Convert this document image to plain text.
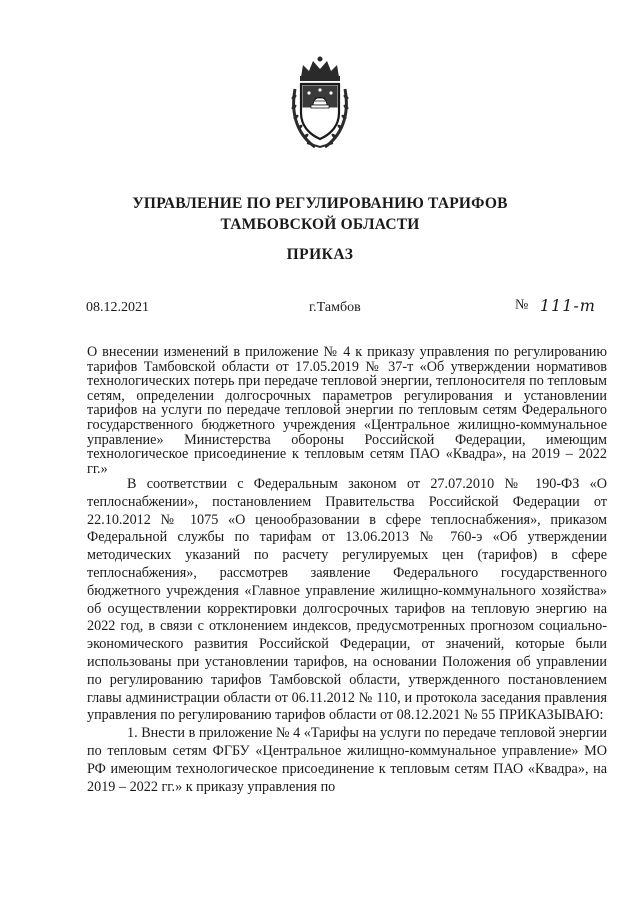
УПРАВЛЕНИЕ ПО РЕГУЛИРОВАНИЮ ТАРИФОВ
ТАМБОВСКОЙ ОБЛАСТИ
ПРИКАЗ
08.12.2021	г.Тамбов	№ 111-т
О внесении изменений в приложение № 4 к приказу управления по регулированию тарифов Тамбовской области от 17.05.2019 № 37-т «Об утверждении нормативов технологических потерь при передаче тепловой энергии, теплоносителя по тепловым сетям, определении долгосрочных параметров регулирования и установлении тарифов на услуги по передаче тепловой энергии по тепловым сетям Федерального государственного бюджетного учреждения «Центральное жилищно-коммунальное управление» Министерства обороны Российской Федерации, имеющим технологическое присоединение к тепловым сетям ПАО «Квадра», на 2019 – 2022 гг.»

В соответствии с Федеральным законом от 27.07.2010 № 190-ФЗ «О теплоснабжении», постановлением Правительства Российской Федерации от 22.10.2012 № 1075 «О ценообразовании в сфере теплоснабжения», приказом Федеральной службы по тарифам от 13.06.2013 № 760-э «Об утверждении методических указаний по расчету регулируемых цен (тарифов) в сфере теплоснабжения», рассмотрев заявление Федерального государственного бюджетного учреждения «Главное управление жилищно-коммунального хозяйства» об осуществлении корректировки долгосрочных тарифов на тепловую энергию на 2022 год, в связи с отклонением индексов, предусмотренных прогнозом социально-экономического развития Российской Федерации, от значений, которые были использованы при установлении тарифов, на основании Положения об управлении по регулированию тарифов Тамбовской области, утвержденного постановлением главы администрации области от 06.11.2012 № 110, и протокола заседания правления управления по регулированию тарифов области от 08.12.2021 № 55 ПРИКАЗЫВАЮ:

1. Внести в приложение № 4 «Тарифы на услуги по передаче тепловой энергии по тепловым сетям ФГБУ «Центральное жилищно-коммунальное управление» МО РФ имеющим технологическое присоединение к тепловым сетям ПАО «Квадра», на 2019 – 2022 гг.» к приказу управления по
